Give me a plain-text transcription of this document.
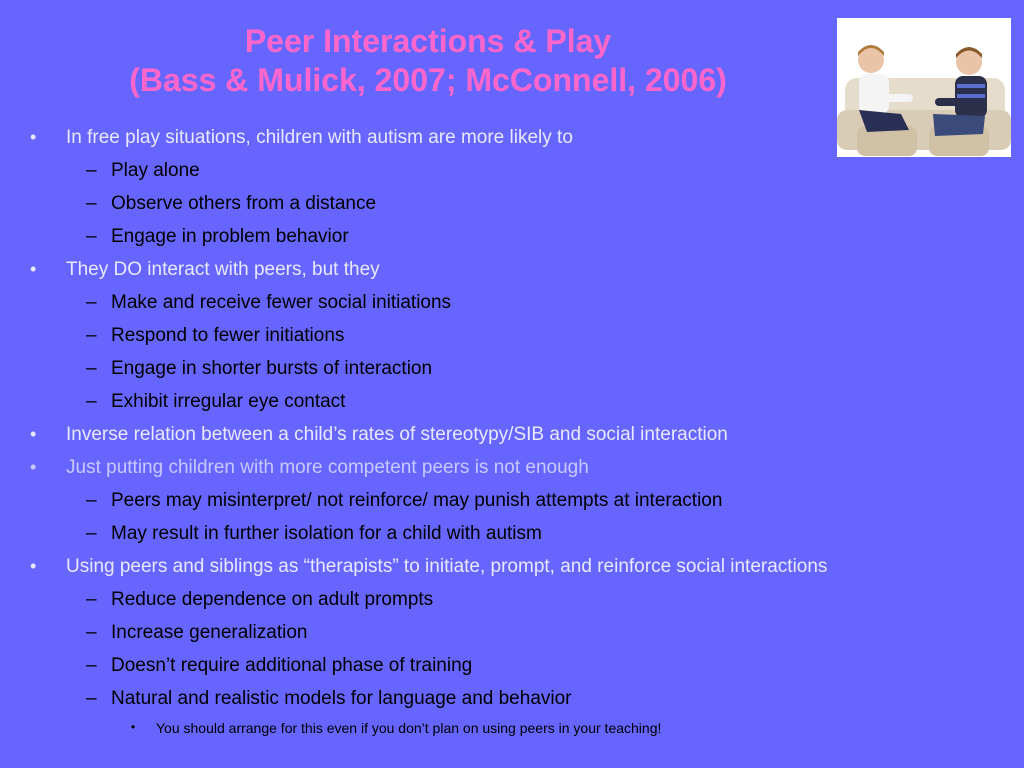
Peer Interactions & Play
(Bass & Mulick, 2007; McConnell, 2006)
• In free play situations, children with autism are more likely to
– Play alone
– Observe others from a distance
– Engage in problem behavior
• They DO interact with peers, but they
– Make and receive fewer social initiations
– Respond to fewer initiations
– Engage in shorter bursts of interaction
– Exhibit irregular eye contact
• Inverse relation between a child’s rates of stereotypy/SIB and social interaction
• Just putting children with more competent peers is not enough
– Peers may misinterpret/ not reinforce/ may punish attempts at interaction
– May result in further isolation for a child with autism
• Using peers and siblings as “therapists” to initiate, prompt, and reinforce social interactions
– Reduce dependence on adult prompts
– Increase generalization
– Doesn’t require additional phase of training
– Natural and realistic models for language and behavior
• You should arrange for this even if you don’t plan on using peers in your teaching!
